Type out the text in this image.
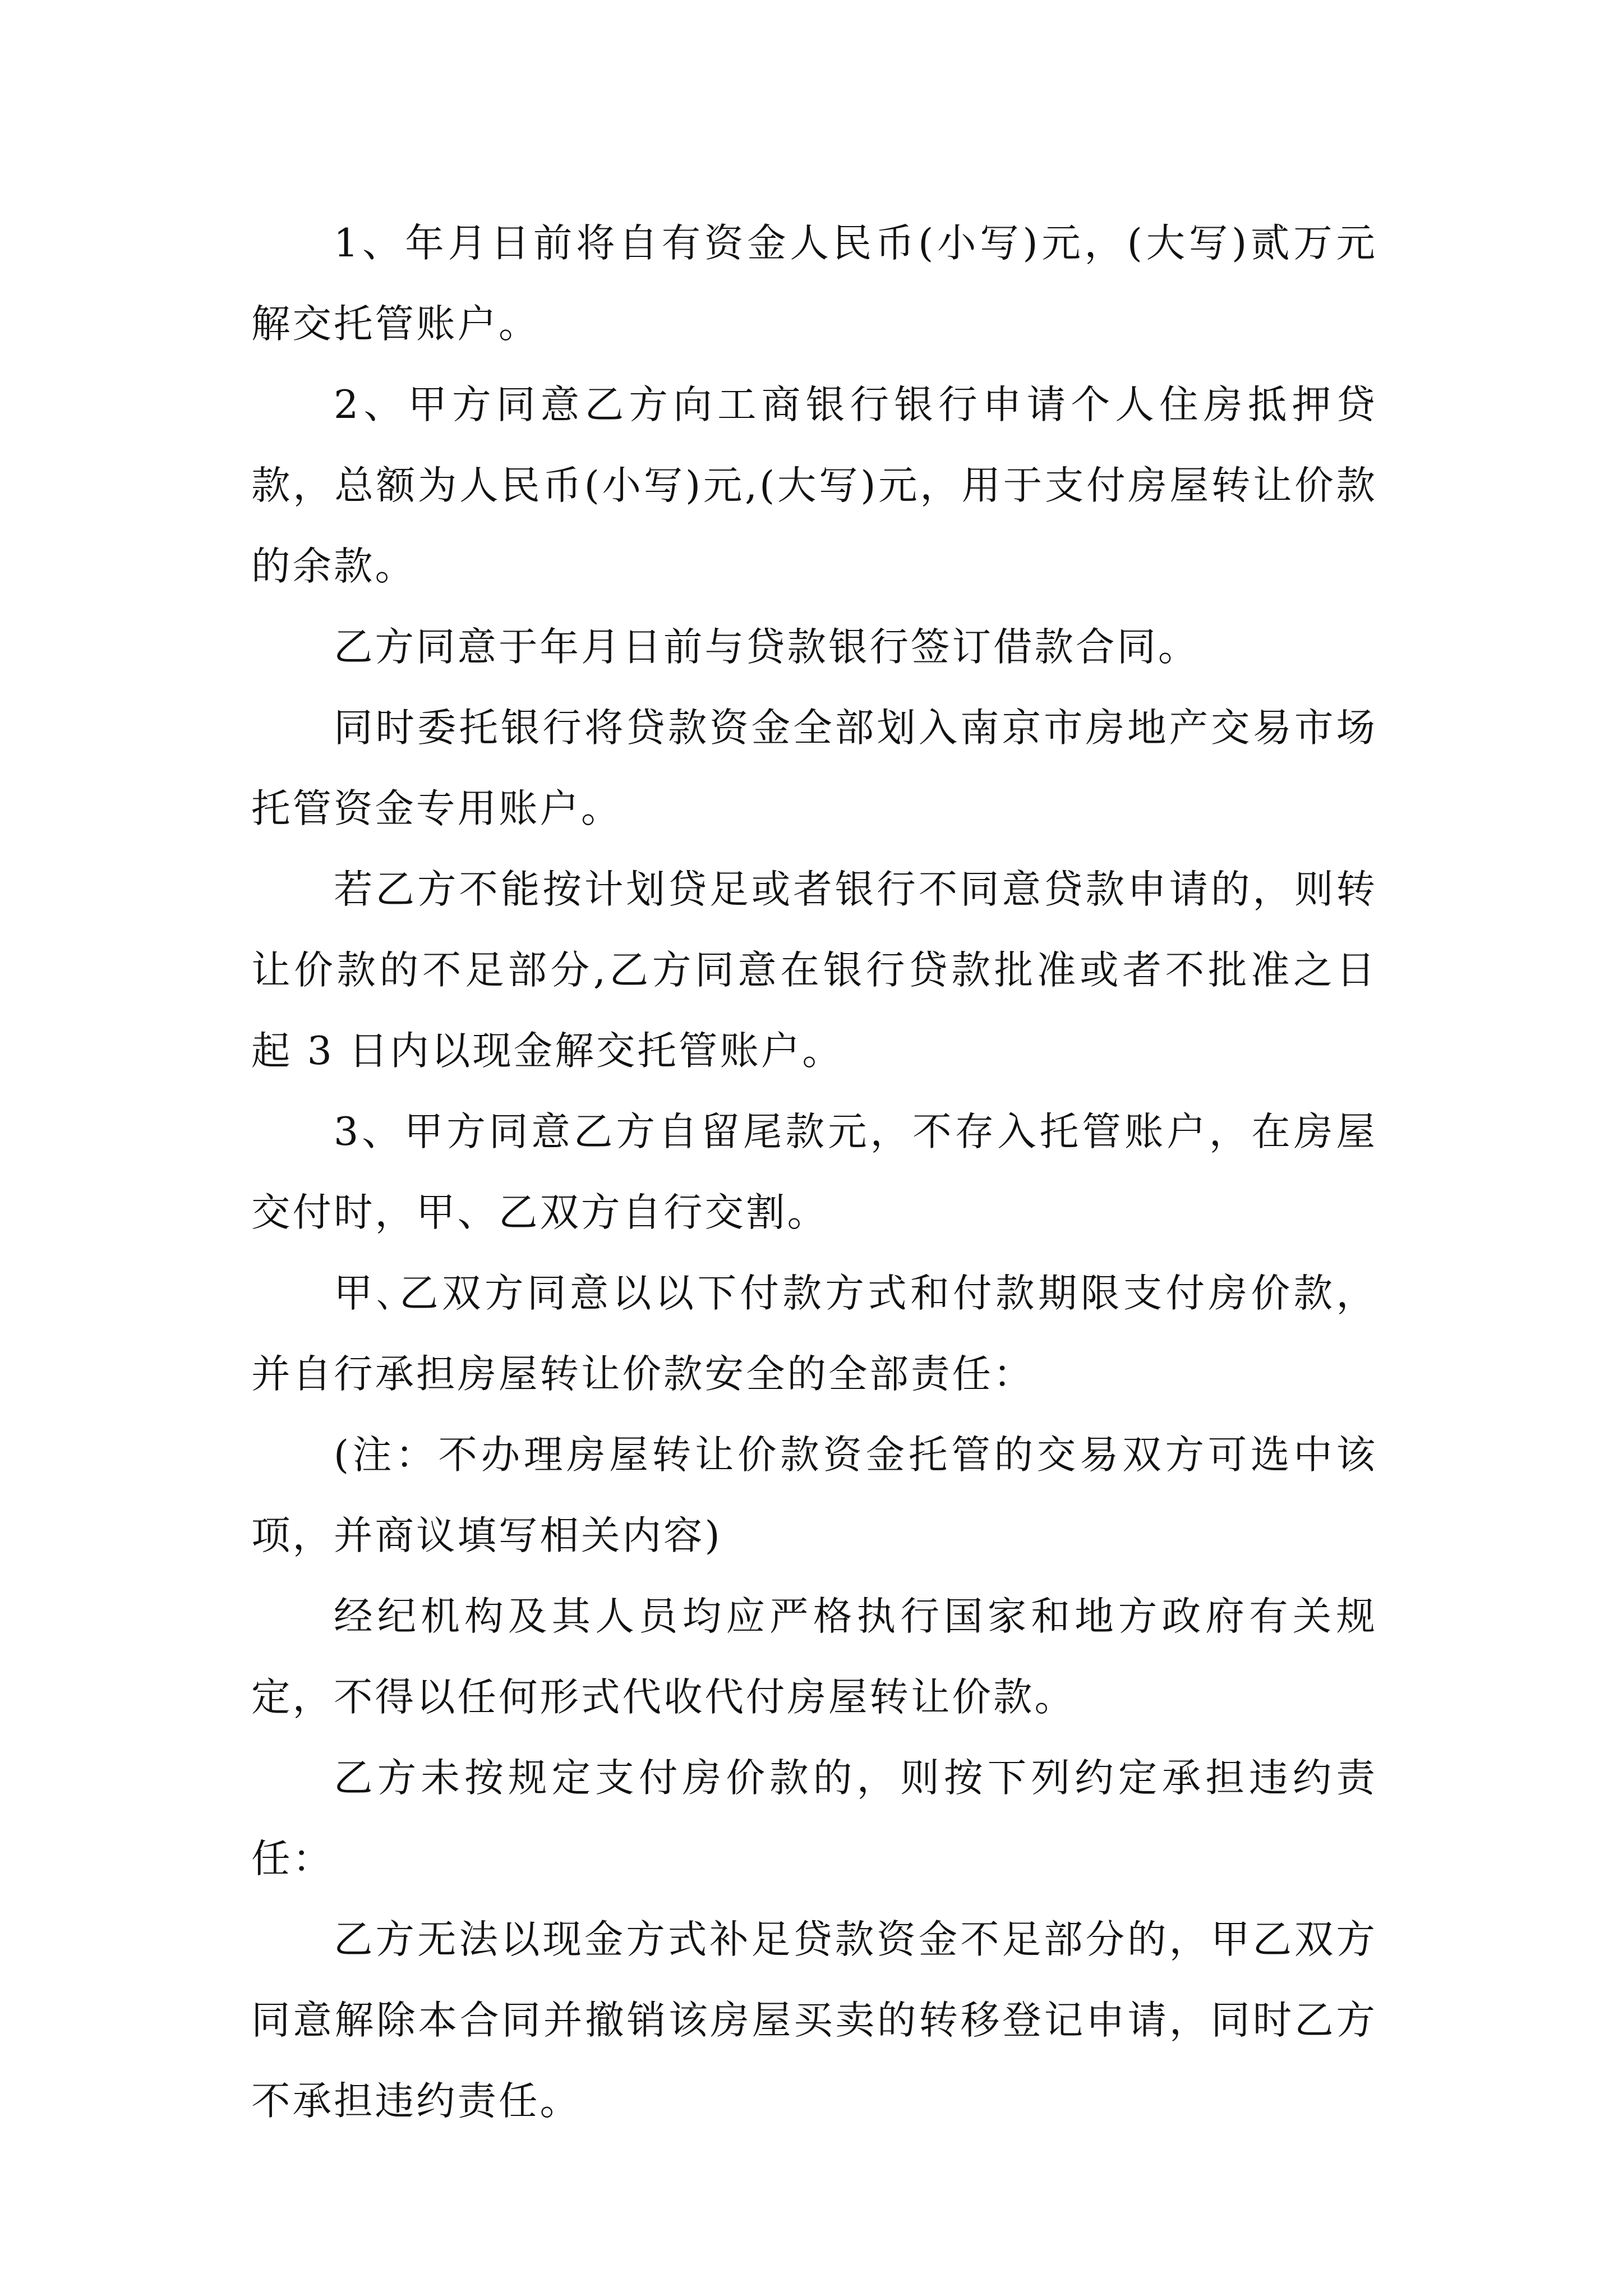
1、年月日前将自有资金人民币(小写)元，(大写)贰万元解交托管账户。

2、甲方同意乙方向工商银行银行申请个人住房抵押贷款，总额为人民币(小写)元,(大写)元，用于支付房屋转让价款的余款。

乙方同意于年月日前与贷款银行签订借款合同。

同时委托银行将贷款资金全部划入南京市房地产交易市场托管资金专用账户。

若乙方不能按计划贷足或者银行不同意贷款申请的，则转让价款的不足部分,乙方同意在银行贷款批准或者不批准之日起 3 日内以现金解交托管账户。

3、甲方同意乙方自留尾款元，不存入托管账户，在房屋交付时，甲、乙双方自行交割。

甲､乙双方同意以以下付款方式和付款期限支付房价款，并自行承担房屋转让价款安全的全部责任：

(注：不办理房屋转让价款资金托管的交易双方可选中该项，并商议填写相关内容)

经纪机构及其人员均应严格执行国家和地方政府有关规定，不得以任何形式代收代付房屋转让价款。

乙方未按规定支付房价款的，则按下列约定承担违约责任：

乙方无法以现金方式补足贷款资金不足部分的，甲乙双方同意解除本合同并撤销该房屋买卖的转移登记申请，同时乙方不承担违约责任。
